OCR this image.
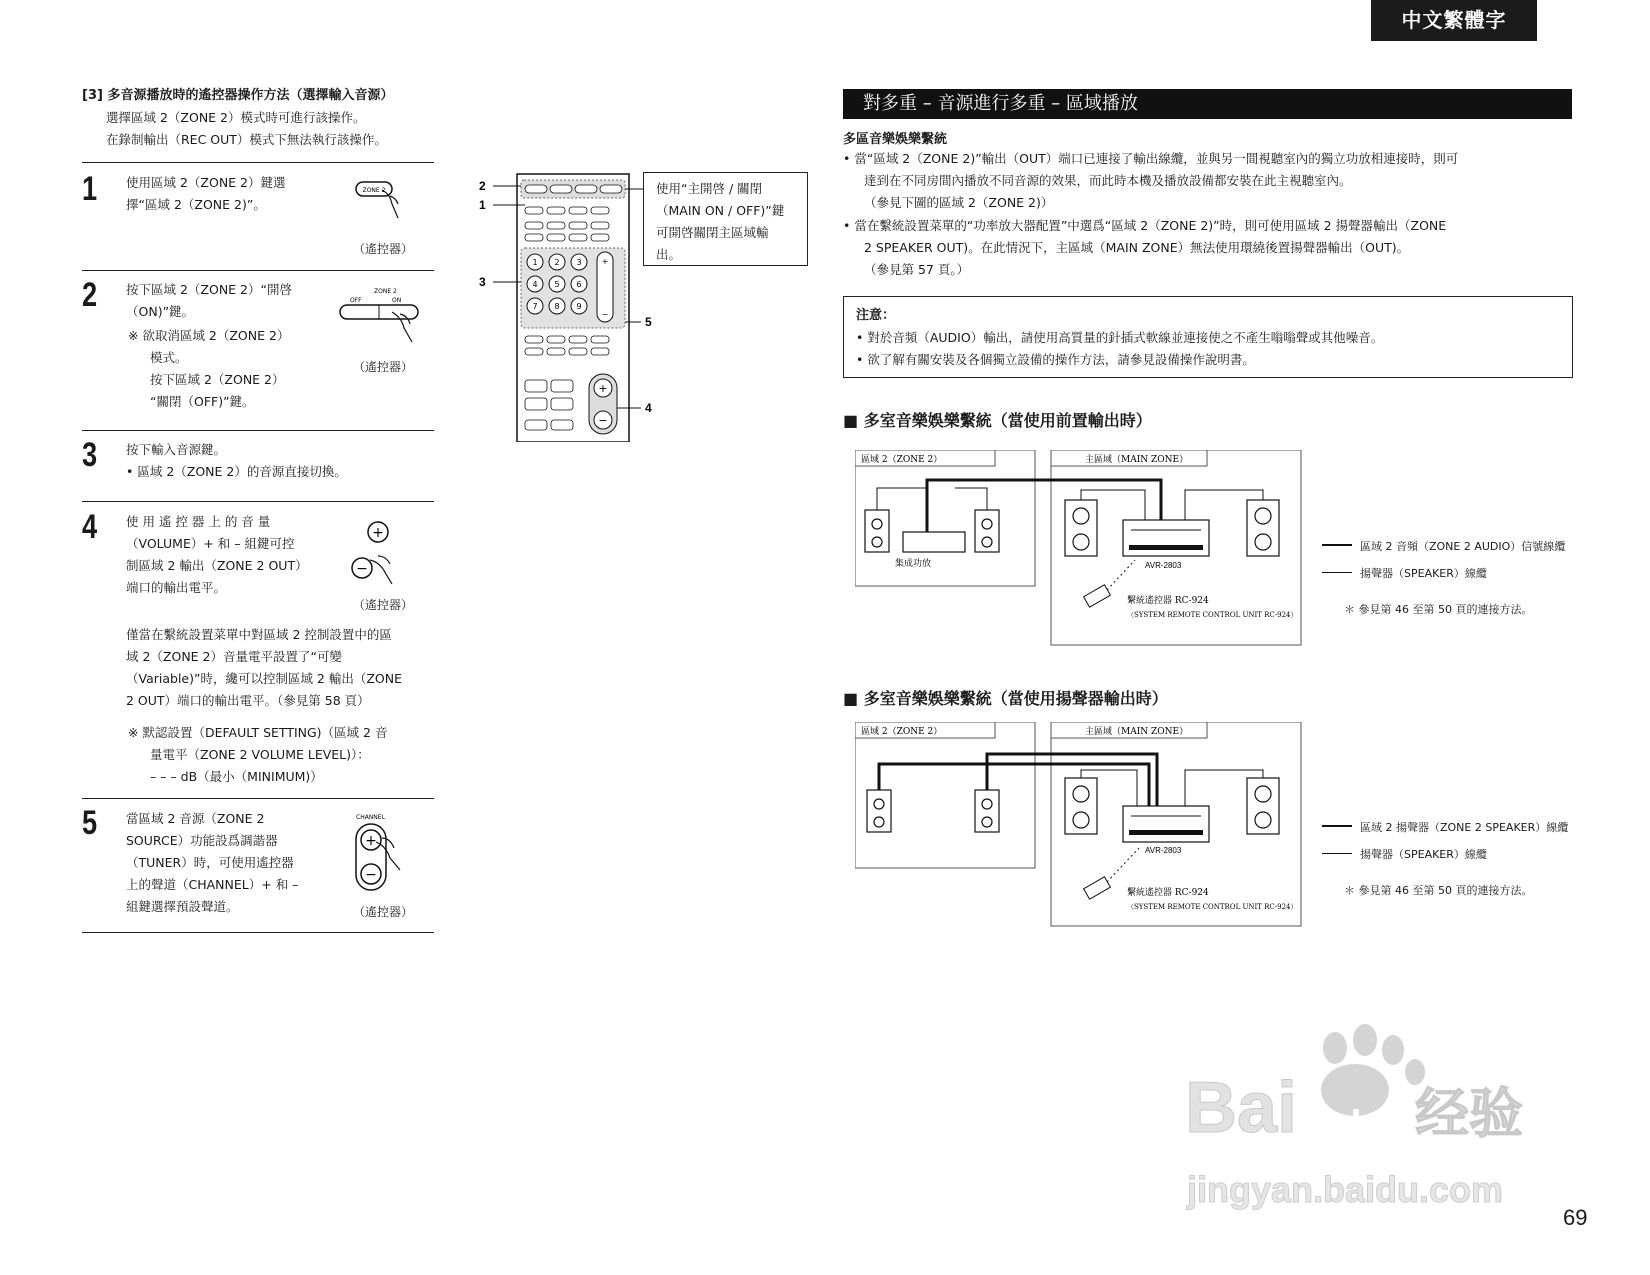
中文繁體字
[3] 多音源播放時的遙控器操作方法（選擇輸入音源）
選擇區域 2（ZONE 2）模式時可進行該操作。
在錄制輸出（REC OUT）模式下無法執行該操作。
1 使用區域 2（ZONE 2）鍵選
擇“區域 2（ZONE 2)”。
ZONE 2
（遙控器）
2 按下區域 2（ZONE 2）“開啓
（ON)”鍵。
※ 欲取消區域 2（ZONE 2）
模式。
按下區域 2（ZONE 2）
“關閉（OFF)”鍵。
ZONE 2
OFF	ON
（遙控器）
3 按下輸入音源鍵。
• 區域 2（ZONE 2）的音源直接切換。
4 使 用 遙 控 器 上 的 音 量
（VOLUME）+ 和 – 組鍵可控
制區域 2 輸出（ZONE 2 OUT）
端口的輸出電平。
+
−
（遙控器）
僅當在繫統設置菜單中對區域 2 控制設置中的區
域 2（ZONE 2）音量電平設置了“可變
（Variable)”時，纔可以控制區域 2 輸出（ZONE
2 OUT）端口的輸出電平。（參見第 58 頁）
※ 默認設置（DEFAULT SETTING)（區域 2 音
量電平（ZONE 2 VOLUME LEVEL)）：
– – – dB（最小（MINIMUM)）
5 當區域 2 音源（ZONE 2
SOURCE）功能設爲調諧器
（TUNER）時，可使用遙控器
上的聲道（CHANNEL）+ 和 –
組鍵選擇預設聲道。
CHANNEL
+
−
（遙控器）
1 2 3
4 5 6
7 8 9
+
−
+
−
2
1
3
5
4
使用“主開啓 / 關閉
（MAIN ON / OFF)”鍵
可開啓關閉主區域輸
出。
對多重 – 音源進行多重 – 區域播放
多區音樂娛樂繫統
• 當“區域 2（ZONE 2)”輸出（OUT）端口已連接了輸出線纜，並與另一間視聽室內的獨立功放相連接時，則可
達到在不同房間內播放不同音源的效果，而此時本機及播放設備都安裝在此主視聽室內。
（參見下圖的區域 2（ZONE 2)）
• 當在繫統設置菜單的“功率放大器配置”中選爲“區域 2（ZONE 2)”時，則可使用區域 2 揚聲器輸出（ZONE
2 SPEAKER OUT)。在此情況下，主區域（MAIN ZONE）無法使用環繞後置揚聲器輸出（OUT)。
（參見第 57 頁。）
注意：
• 對於音頻（AUDIO）輸出，請使用高質量的針插式軟線並連接使之不產生嗡嗡聲或其他噪音。
• 欲了解有關安裝及各個獨立設備的操作方法，請參見設備操作說明書。
■ 多室音樂娛樂繫統（當使用前置輸出時）
區域 2（ZONE 2）	主區域（MAIN ZONE）
AVR-2803
集成功放
繫統遙控器 RC-924
（SYSTEM REMOTE CONTROL UNIT RC-924）
區域 2 音頻（ZONE 2 AUDIO）信號線纜
揚聲器（SPEAKER）線纜
＊ 參見第 46 至第 50 頁的連接方法。
■ 多室音樂娛樂繫統（當使用揚聲器輸出時）
區域 2（ZONE 2）	主區域（MAIN ZONE）
AVR-2803
繫統遙控器 RC-924
（SYSTEM REMOTE CONTROL UNIT RC-924）
區域 2 揚聲器（ZONE 2 SPEAKER）線纜
揚聲器（SPEAKER）線纜
＊ 參見第 46 至第 50 頁的連接方法。
Bai du 经验
jingyan.baidu.com
69
